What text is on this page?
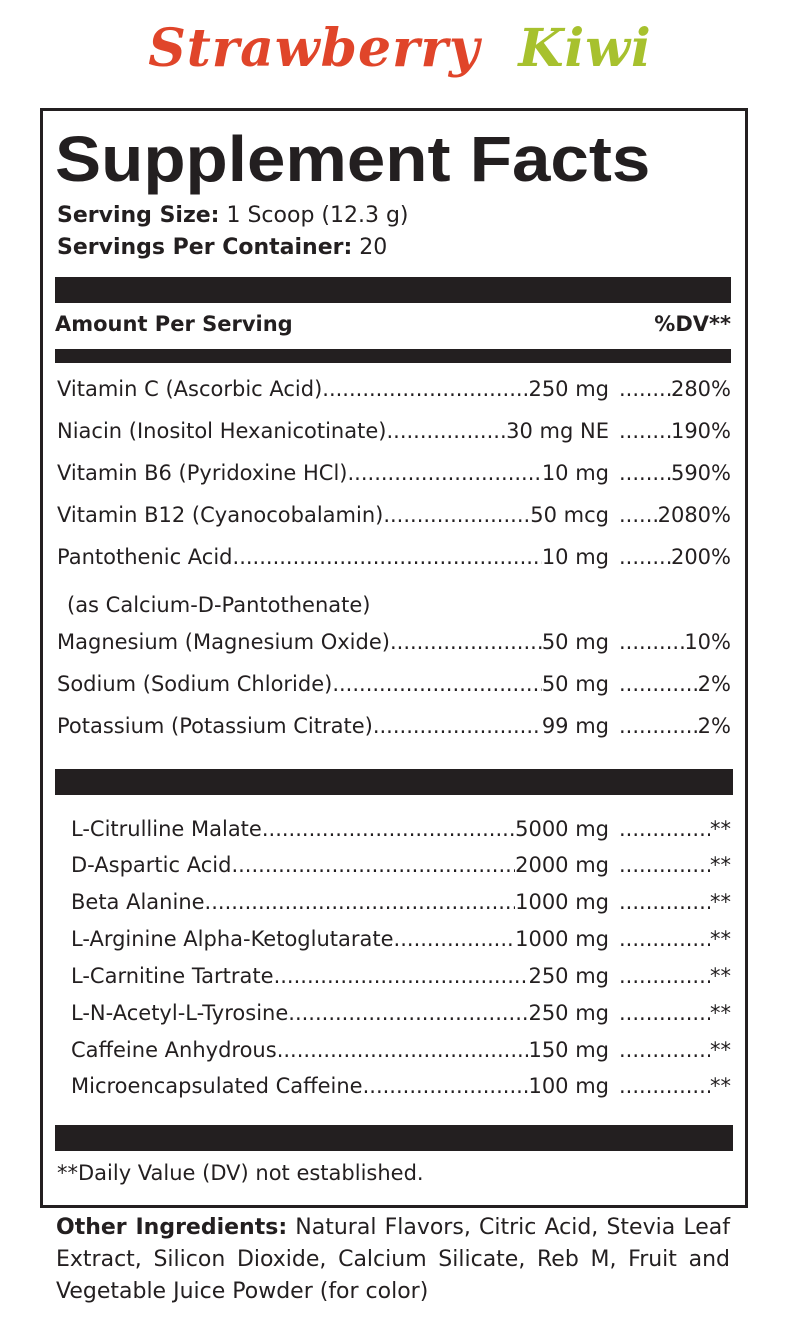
Strawberry Kiwi
Supplement Facts
Serving Size: 1 Scoop (12.3 g)
Servings Per Container: 20
Amount Per Serving	%DV**
Vitamin C (Ascorbic Acid) .....	250 mg .....	280%
Niacin (Inositol Hexanicotinate) .....	30 mg NE .....	190%
Vitamin B6 (Pyridoxine HCl) .....	10 mg .....	590%
Vitamin B12 (Cyanocobalamin) .....	50 mcg ..... 2080%
Pantothenic Acid .....	10 mg .....	200%
Magnesium (Magnesium Oxide) .....	50 mg .....	10%
Sodium (Sodium Chloride) .....	50 mg .....	2%
Potassium (Potassium Citrate) .....	99 mg .....	2%
(as Calcium-D-Pantothenate)
L-Citrulline Malate .....	5000 mg .....	**
D-Aspartic Acid .....	2000 mg .....	**
Beta Alanine .....	1000 mg .....	**
L-Arginine Alpha-Ketoglutarate .....	1000 mg .....	**
L-Carnitine Tartrate .....	250 mg .....	**
L-N-Acetyl-L-Tyrosine .....	250 mg .....	**
Caffeine Anhydrous .....	150 mg .....	**
Microencapsulated Caffeine .....	100 mg .....	**
**Daily Value (DV) not established.
Other Ingredients: Natural Flavors, Citric Acid, Stevia Leaf Extract, Silicon Dioxide, Calcium Silicate, Reb M, Fruit and Vegetable Juice Powder (for color)
